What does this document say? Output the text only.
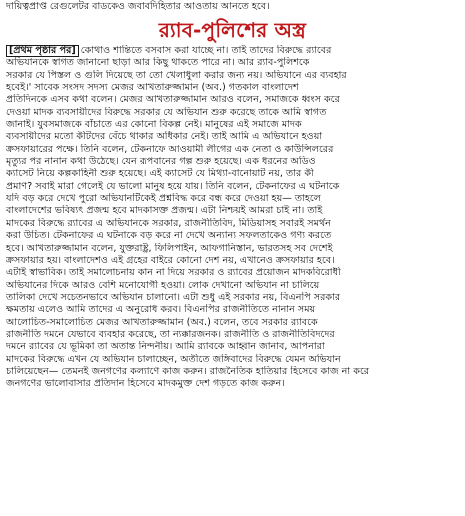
দায়িত্বপ্রাপ্ত রেগুলেটর বাডকেও জবাবদিহিতার আওতায় আনতে হবে।

র‍্যাব-পুলিশের অস্ত্র
[প্রথম পৃষ্ঠার পর] কোথাও শান্তিতে বসবাস করা যাচ্ছে না। তাই তাদের বিরুদ্ধে র‍্যাবের
অভিযানকে স্বাগত জানানো ছাড়া আর কিছু থাকতে পারে না। আর র‍্যাব-পুলিশকে
সরকার যে পিস্তল ও গুলি দিয়েছে তা তো খেলাধুলা করার জন্য নয়। অভিযানে এর ব্যবহার
হবেই।' সাবেক সংসদ সদস্য মেজর আখতারুজ্জামান (অব.) গতকাল বাংলাদেশ
প্রতিদিনকে এসব কথা বলেন। মেজর আখতারুজ্জামান আরও বলেন, সমাজকে ধ্বংস করে
দেওয়া মাদক ব্যবসায়ীদের বিরুদ্ধে সরকার যে অভিযান শুরু করেছে তাকে আমি স্বাগত
জানাই। যুবসমাজকে বাঁচাতে এর কোনো বিকল্প নেই। মানুষের এই সমাজে মাদক
ব্যবসায়ীদের মতো কীটদের বেঁচে থাকার অধিকার নেই। তাই আমি এ অভিযানে হওয়া
ক্রসফায়ারের পক্ষে। তিনি বলেন, টেকনাফে আওয়ামী লীগের এক নেতা ও কাউন্সিলরের
মৃত্যুর পর নানান কথা উঠেছে। যেন রূপবানের গল্প শুরু হয়েছে। এক ধরনের অডিও
ক্যাসেট নিয়ে কল্পকাহিনী শুরু হয়েছে। এই ক্যাসেট যে মিথ্যা-বানোয়াট নয়, তার কী
প্রমাণ? সবাই মারা গেলেই যে ভালো মানুষ হয়ে যায়। তিনি বলেন, টেকনাফের এ ঘটনাকে
যদি বড় করে দেখে পুরো অভিযানটিকেই প্রশ্নবিদ্ধ করে বন্ধ করে দেওয়া হয়— তাহলে
বাংলাদেশের ভবিষ্যৎ প্রজন্ম হবে মাদকাসক্ত প্রজন্ম। এটা নিশ্চয়ই আমরা চাই না। তাই
মাদকের বিরুদ্ধে র‍্যাবের এ অভিযানকে সরকার, রাজনীতিবিদ, মিডিয়াসহ সবারই সমর্থন
করা উচিত। টেকনাফের এ ঘটনাকে বড় করে না দেখে অন্যান্য সফলতাকেও গণ্য করতে
হবে। আখতারুজ্জামান বলেন, যুক্তরাষ্ট্র, ফিলিপাইন, আফগানিস্তান, ভারতসহ সব দেশেই
ক্রসফায়ার হয়। বাংলাদেশও এই গ্রহের বাইরে কোনো দেশ নয়, এখানেও ক্রসফায়ার হবে।
এটাই স্বাভাবিক। তাই সমালোচনায় কান না দিয়ে সরকার ও র‍্যাবের প্রয়োজন মাদকবিরোধী
অভিযানের দিকে আরও বেশি মনোযোগী হওয়া। লোক দেখানো অভিযান না চালিয়ে
তালিকা দেখে সচেতনভাবে অভিযান চালানো। এটা শুধু এই সরকার নয়, বিএনপি সরকার
ক্ষমতায় এলেও আমি তাদের এ অনুরোধ করব। বিএনপির রাজনীতিতে নানান সময়
আলোচিত-সমালোচিত মেজর আখতারুজ্জামান (অব.) বলেন, তবে সরকার র‍্যাবকে
রাজনীতি দমনে যেভাবে ব্যবহার করেছে, তা ন্যক্কারজনক। রাজনীতি ও রাজনীতিবিদদের
দমনে র‍্যাবের যে ভূমিকা তা অতান্ত নিন্দনীয়। আমি র‍্যাবকে আহ্বান জানাব, আপনারা
মাদকের বিরুদ্ধে এখন যে অভিযান চালাচ্ছেন, অতীতে জঙ্গিবাদের বিরুদ্ধে যেমন অভিযান
চালিয়েছেন— তেমনই জনগণের কল্যাণে কাজ করুন। রাজনৈতিক হাতিয়ার হিসেবে কাজ না করে
জনগণের ভালোবাসার প্রতিদান হিসেবে মাদকমুক্ত দেশ গড়তে কাজ করুন।
